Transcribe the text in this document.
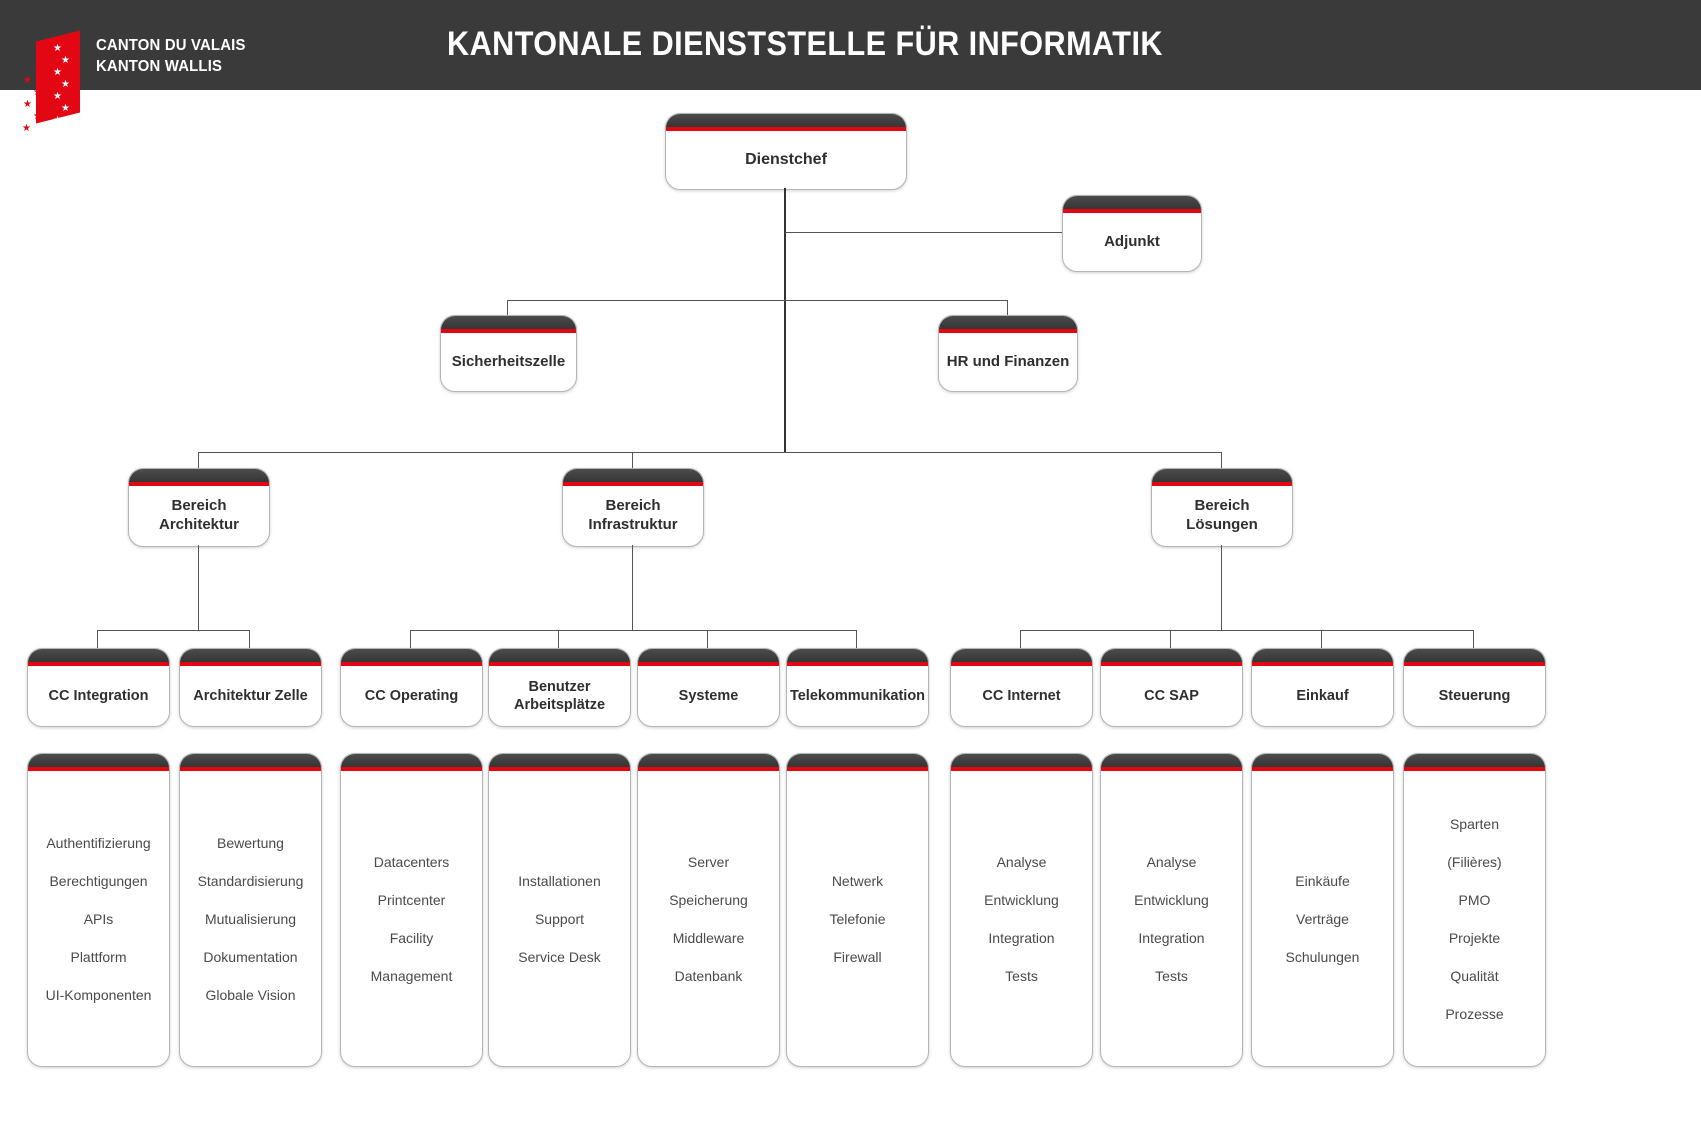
★
★
★
★
★
★
★
★
★
★
★
★
★
CANTON DU VALAIS
KANTON WALLIS
KANTONALE DIENSTSTELLE FÜR INFORMATIK
Dienstchef
Adjunkt
Sicherheitszelle	HR und Finanzen
Bereich Architektur
Bereich Infrastruktur
Bereich Lösungen
CC Integration
Authentifizierung
Berechtigungen
APIs
Plattform
UI-Komponenten
Architektur Zelle
Bewertung
Standardisierung
Mutualisierung
Dokumentation
Globale Vision
CC Operating
Datacenters
Printcenter
Facility
Management
Benutzer Arbeitsplätze
Installationen
Support
Service Desk
Systeme
Server
Speicherung
Middleware
Datenbank
Telekommunikation
Netwerk
Telefonie
Firewall
CC Internet
Analyse
Entwicklung
Integration
Tests
CC SAP
Analyse
Entwicklung
Integration
Tests
Einkauf
Einkäufe
Verträge
Schulungen
Steuerung
Sparten
(Filières)
PMO
Projekte
Qualität
Prozesse
